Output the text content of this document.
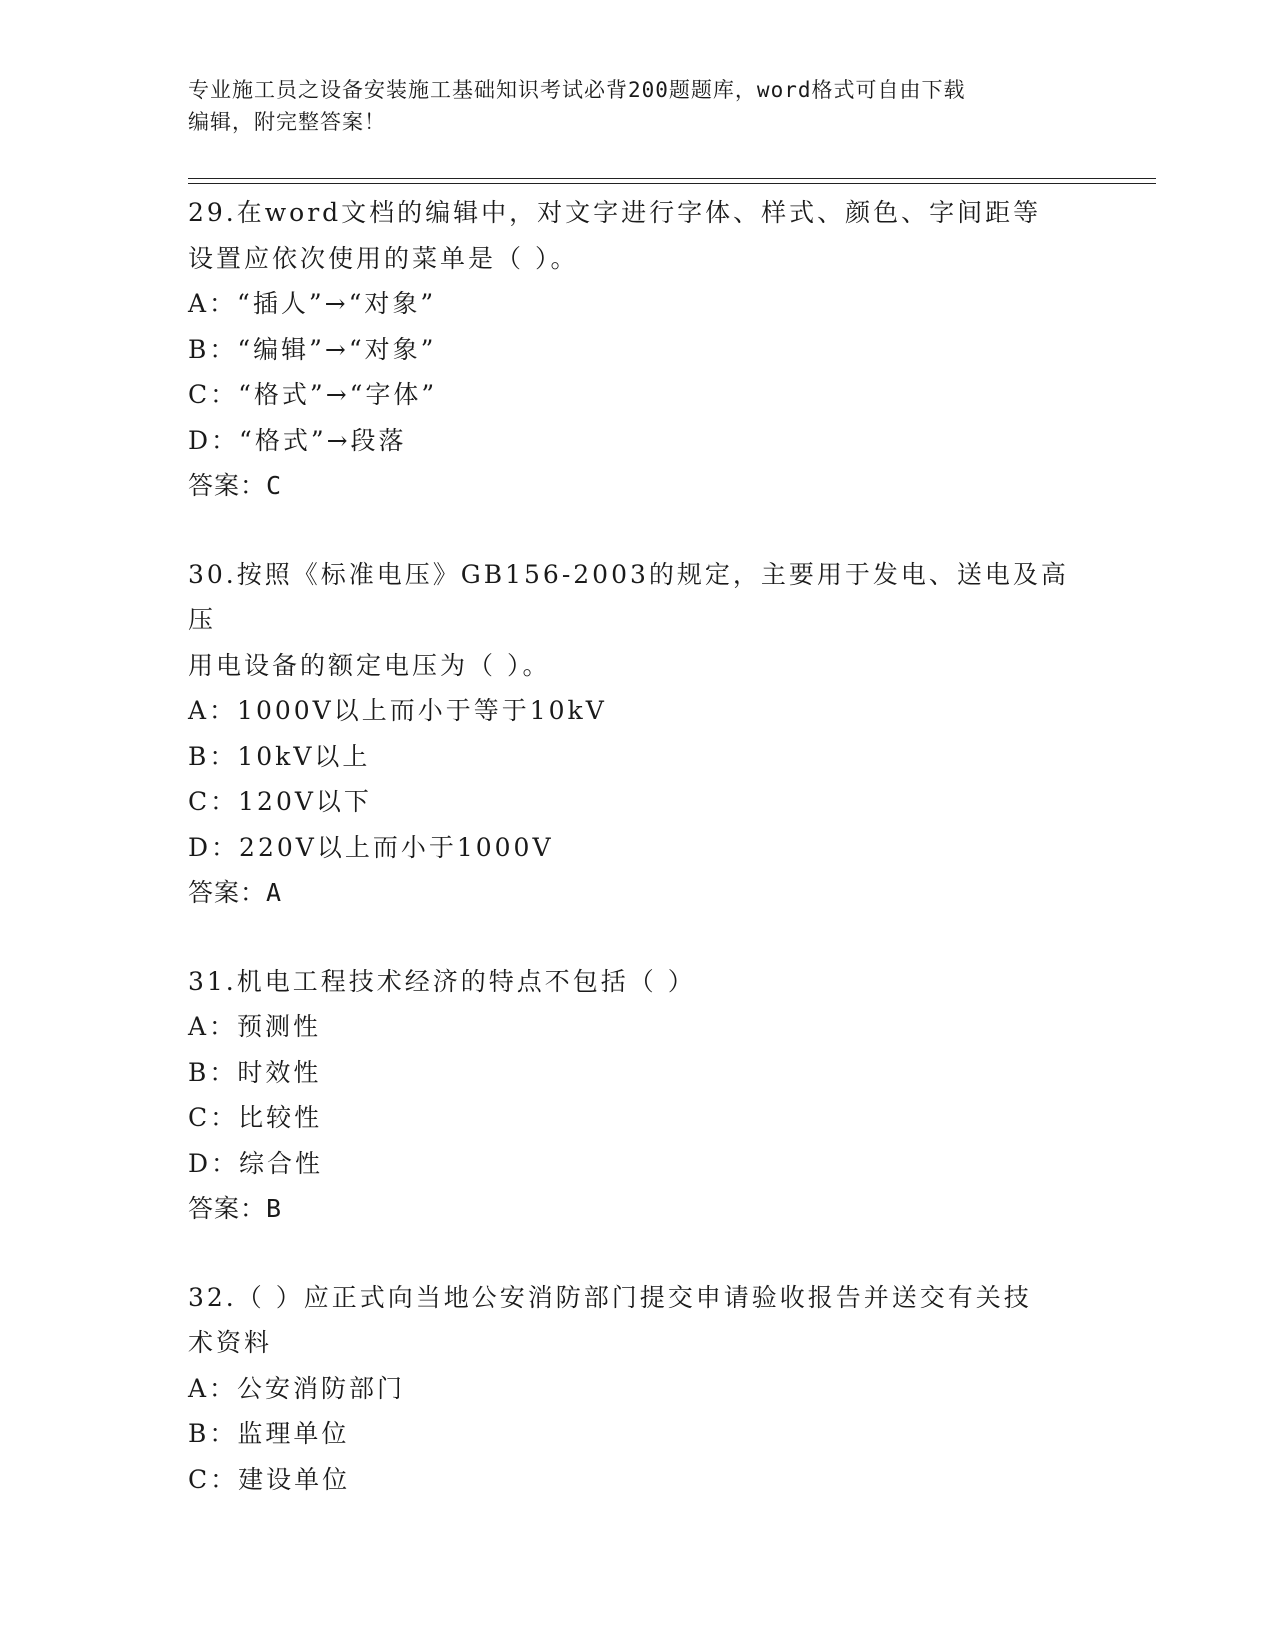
专业施工员之设备安装施工基础知识考试必背200题题库，word格式可自由下载
编辑，附完整答案！

29.在word文档的编辑中，对文字进行字体、样式、颜色、字间距等

设置应依次使用的菜单是（ ）。

A：“插人”→“对象”

B：“编辑”→“对象”

C：“格式”→“字体”

D：“格式”→段落

答案：C

30.按照《标准电压》GB156-2003的规定，主要用于发电、送电及高压

用电设备的额定电压为（ ）。

A：1000V以上而小于等于10kV

B：10kV以上

C：120V以下

D：220V以上而小于1000V

答案：A

31.机电工程技术经济的特点不包括（ ）

A：预测性

B：时效性

C：比较性

D：综合性

答案：B

32.（ ）应正式向当地公安消防部门提交申请验收报告并送交有关技

术资料

A：公安消防部门

B：监理单位

C：建设单位
